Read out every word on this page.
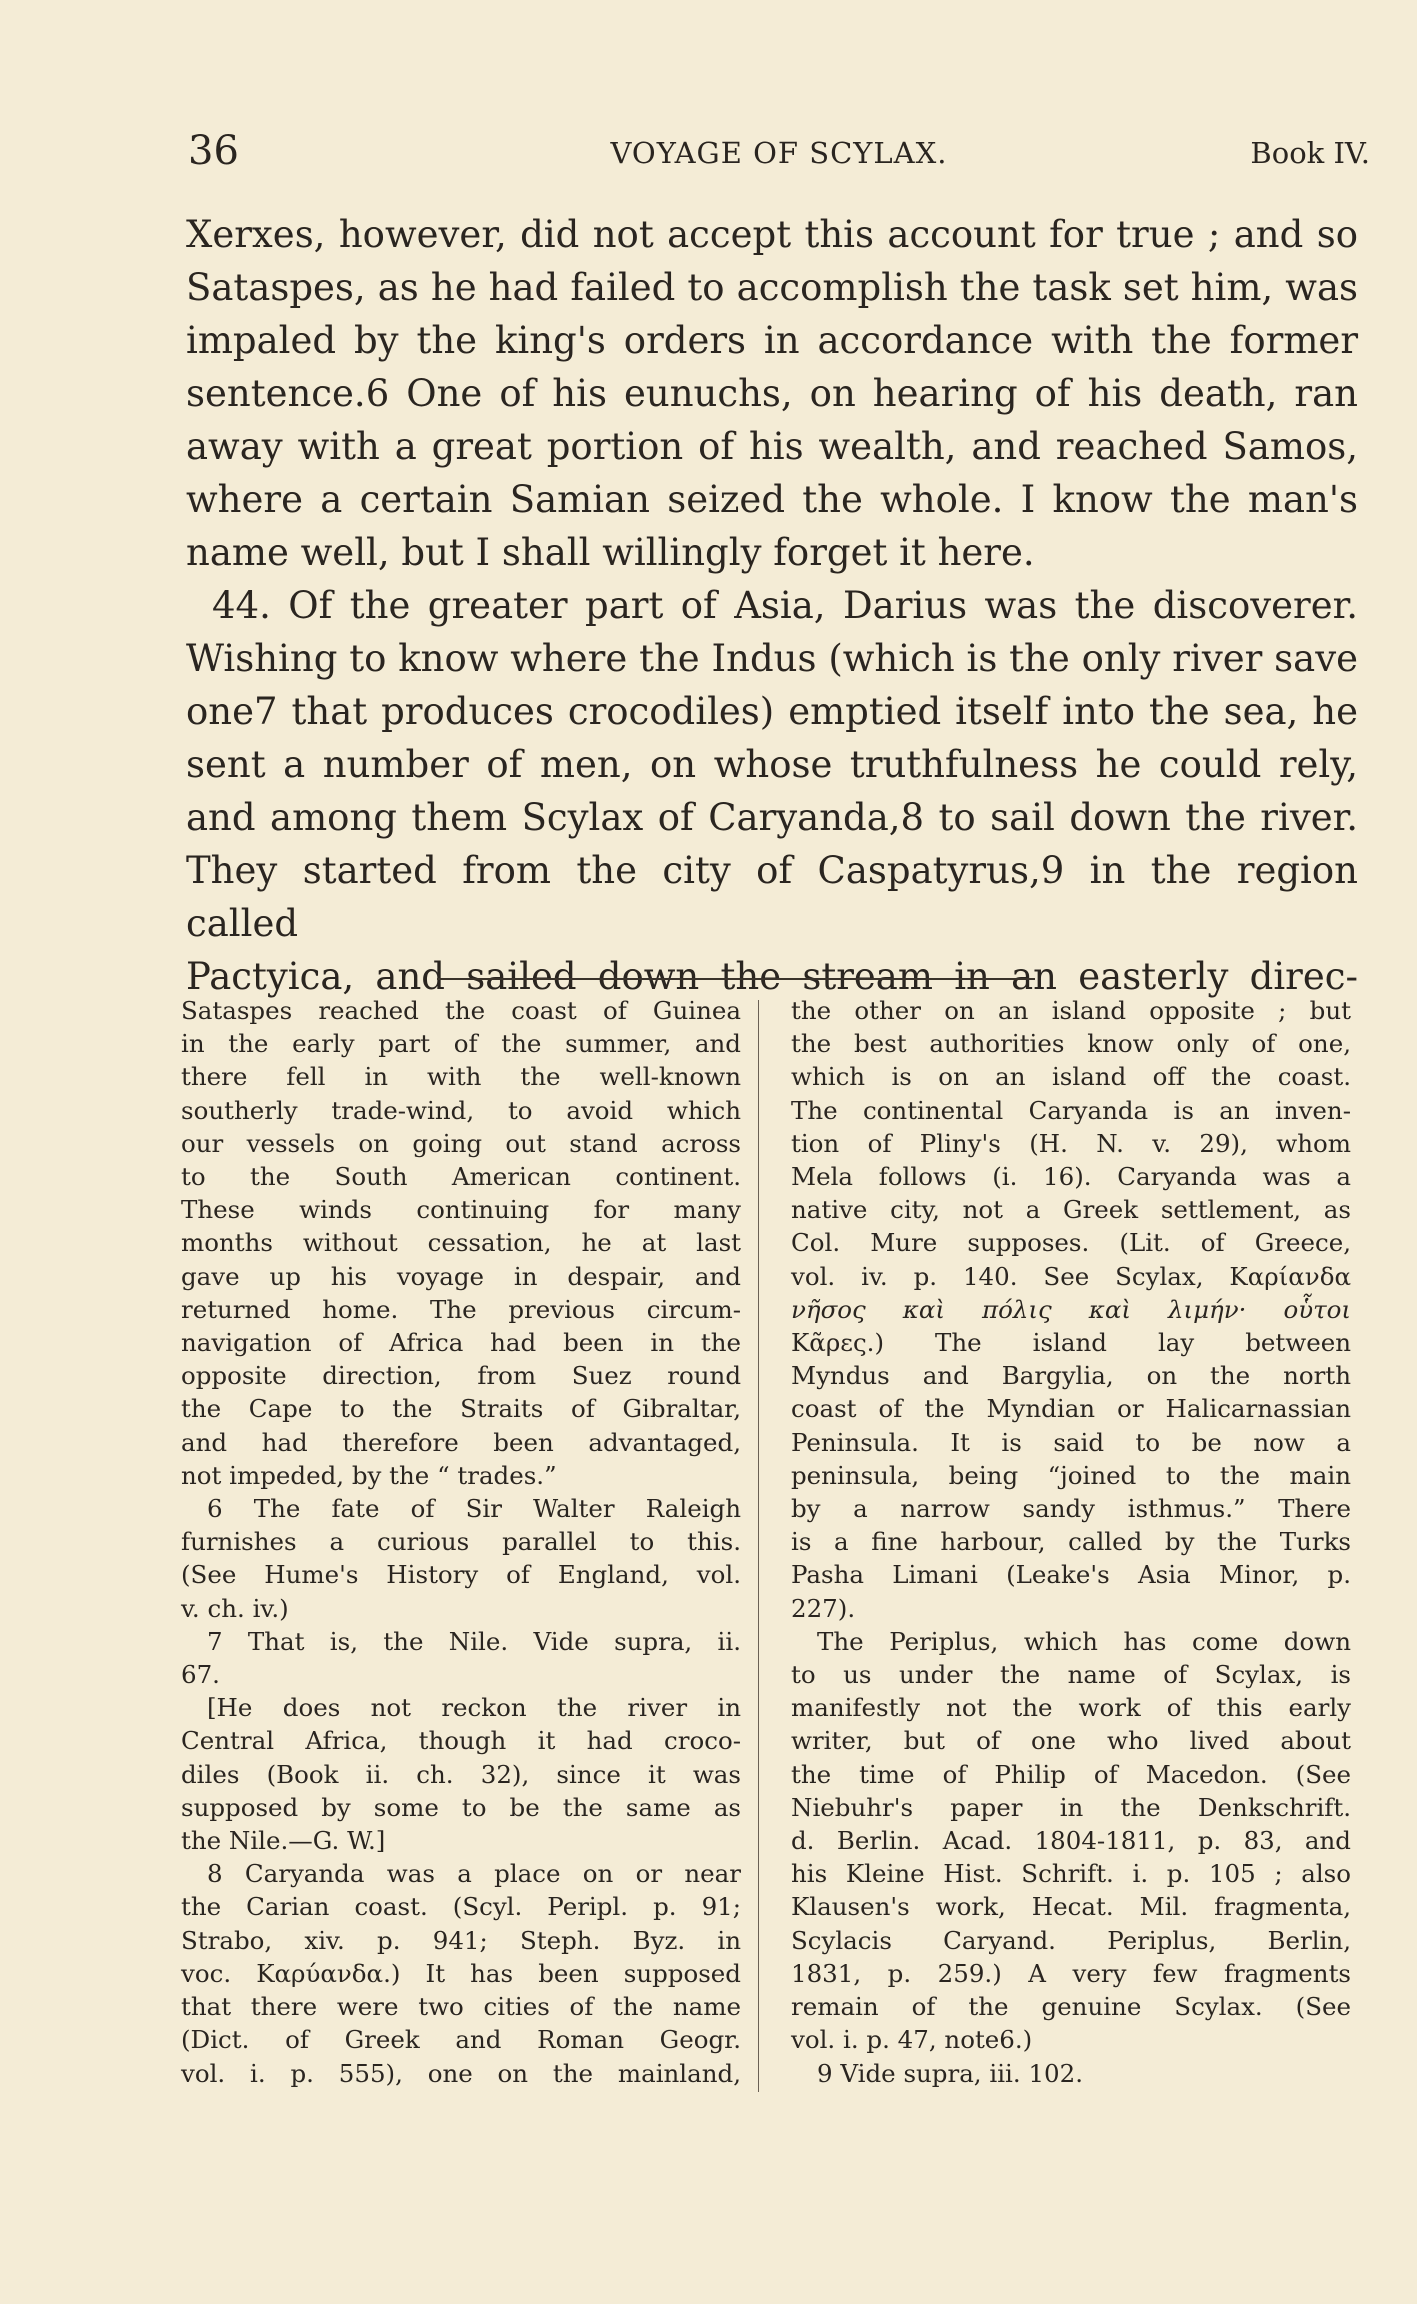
36	VOYAGE OF SCYLAX.	Book IV.

Xerxes, however, did not accept this account for true ; and so

Sataspes, as he had failed to accomplish the task set him, was

impaled by the king's orders in accordance with the former

sentence.6 One of his eunuchs, on hearing of his death, ran

away with a great portion of his wealth, and reached Samos,

where a certain Samian seized the whole. I know the man's

name well, but I shall willingly forget it here.

44. Of the greater part of Asia, Darius was the discoverer.

Wishing to know where the Indus (which is the only river save

one7 that produces crocodiles) emptied itself into the sea, he

sent a number of men, on whose truthfulness he could rely,

and among them Scylax of Caryanda,8 to sail down the river.

They started from the city of Caspatyrus,9 in the region called

Pactyica, and sailed down the stream in an easterly direc-

Sataspes reached the coast of Guinea

in the early part of the summer, and

there fell in with the well-known

southerly trade-wind, to avoid which

our vessels on going out stand across

to the South American continent.

These winds continuing for many

months without cessation, he at last

gave up his voyage in despair, and

returned home. The previous circum-

navigation of Africa had been in the

opposite direction, from Suez round

the Cape to the Straits of Gibraltar,

and had therefore been advantaged,

not impeded, by the “ trades.”

6 The fate of Sir Walter Raleigh

furnishes a curious parallel to this.

(See Hume's History of England, vol.

v. ch. iv.)

7 That is, the Nile. Vide supra, ii.

67.

[He does not reckon the river in

Central Africa, though it had croco-

diles (Book ii. ch. 32), since it was

supposed by some to be the same as

the Nile.—G. W.]

8 Caryanda was a place on or near

the Carian coast. (Scyl. Peripl. p. 91;

Strabo, xiv. p. 941; Steph. Byz. in

voc. Καρύανδα.) It has been supposed

that there were two cities of the name

(Dict. of Greek and Roman Geogr.

vol. i. p. 555), one on the mainland,

the other on an island opposite ; but

the best authorities know only of one,

which is on an island off the coast.

The continental Caryanda is an inven-

tion of Pliny's (H. N. v. 29), whom

Mela follows (i. 16). Caryanda was a

native city, not a Greek settlement, as

Col. Mure supposes. (Lit. of Greece,

vol. iv. p. 140. See Scylax, Καρίανδα

νῆσος καὶ πόλις καὶ λιμήν· οὗτοι

Κᾶρες.) The island lay between

Myndus and Bargylia, on the north

coast of the Myndian or Halicarnassian

Peninsula. It is said to be now a

peninsula, being “joined to the main

by a narrow sandy isthmus.” There

is a fine harbour, called by the Turks

Pasha Limani (Leake's Asia Minor, p.

227).

The Periplus, which has come down

to us under the name of Scylax, is

manifestly not the work of this early

writer, but of one who lived about

the time of Philip of Macedon. (See

Niebuhr's paper in the Denkschrift.

d. Berlin. Acad. 1804-1811, p. 83, and

his Kleine Hist. Schrift. i. p. 105 ; also

Klausen's work, Hecat. Mil. fragmenta,

Scylacis Caryand. Periplus, Berlin,

1831, p. 259.) A very few fragments

remain of the genuine Scylax. (See

vol. i. p. 47, note6.)

9 Vide supra, iii. 102.
